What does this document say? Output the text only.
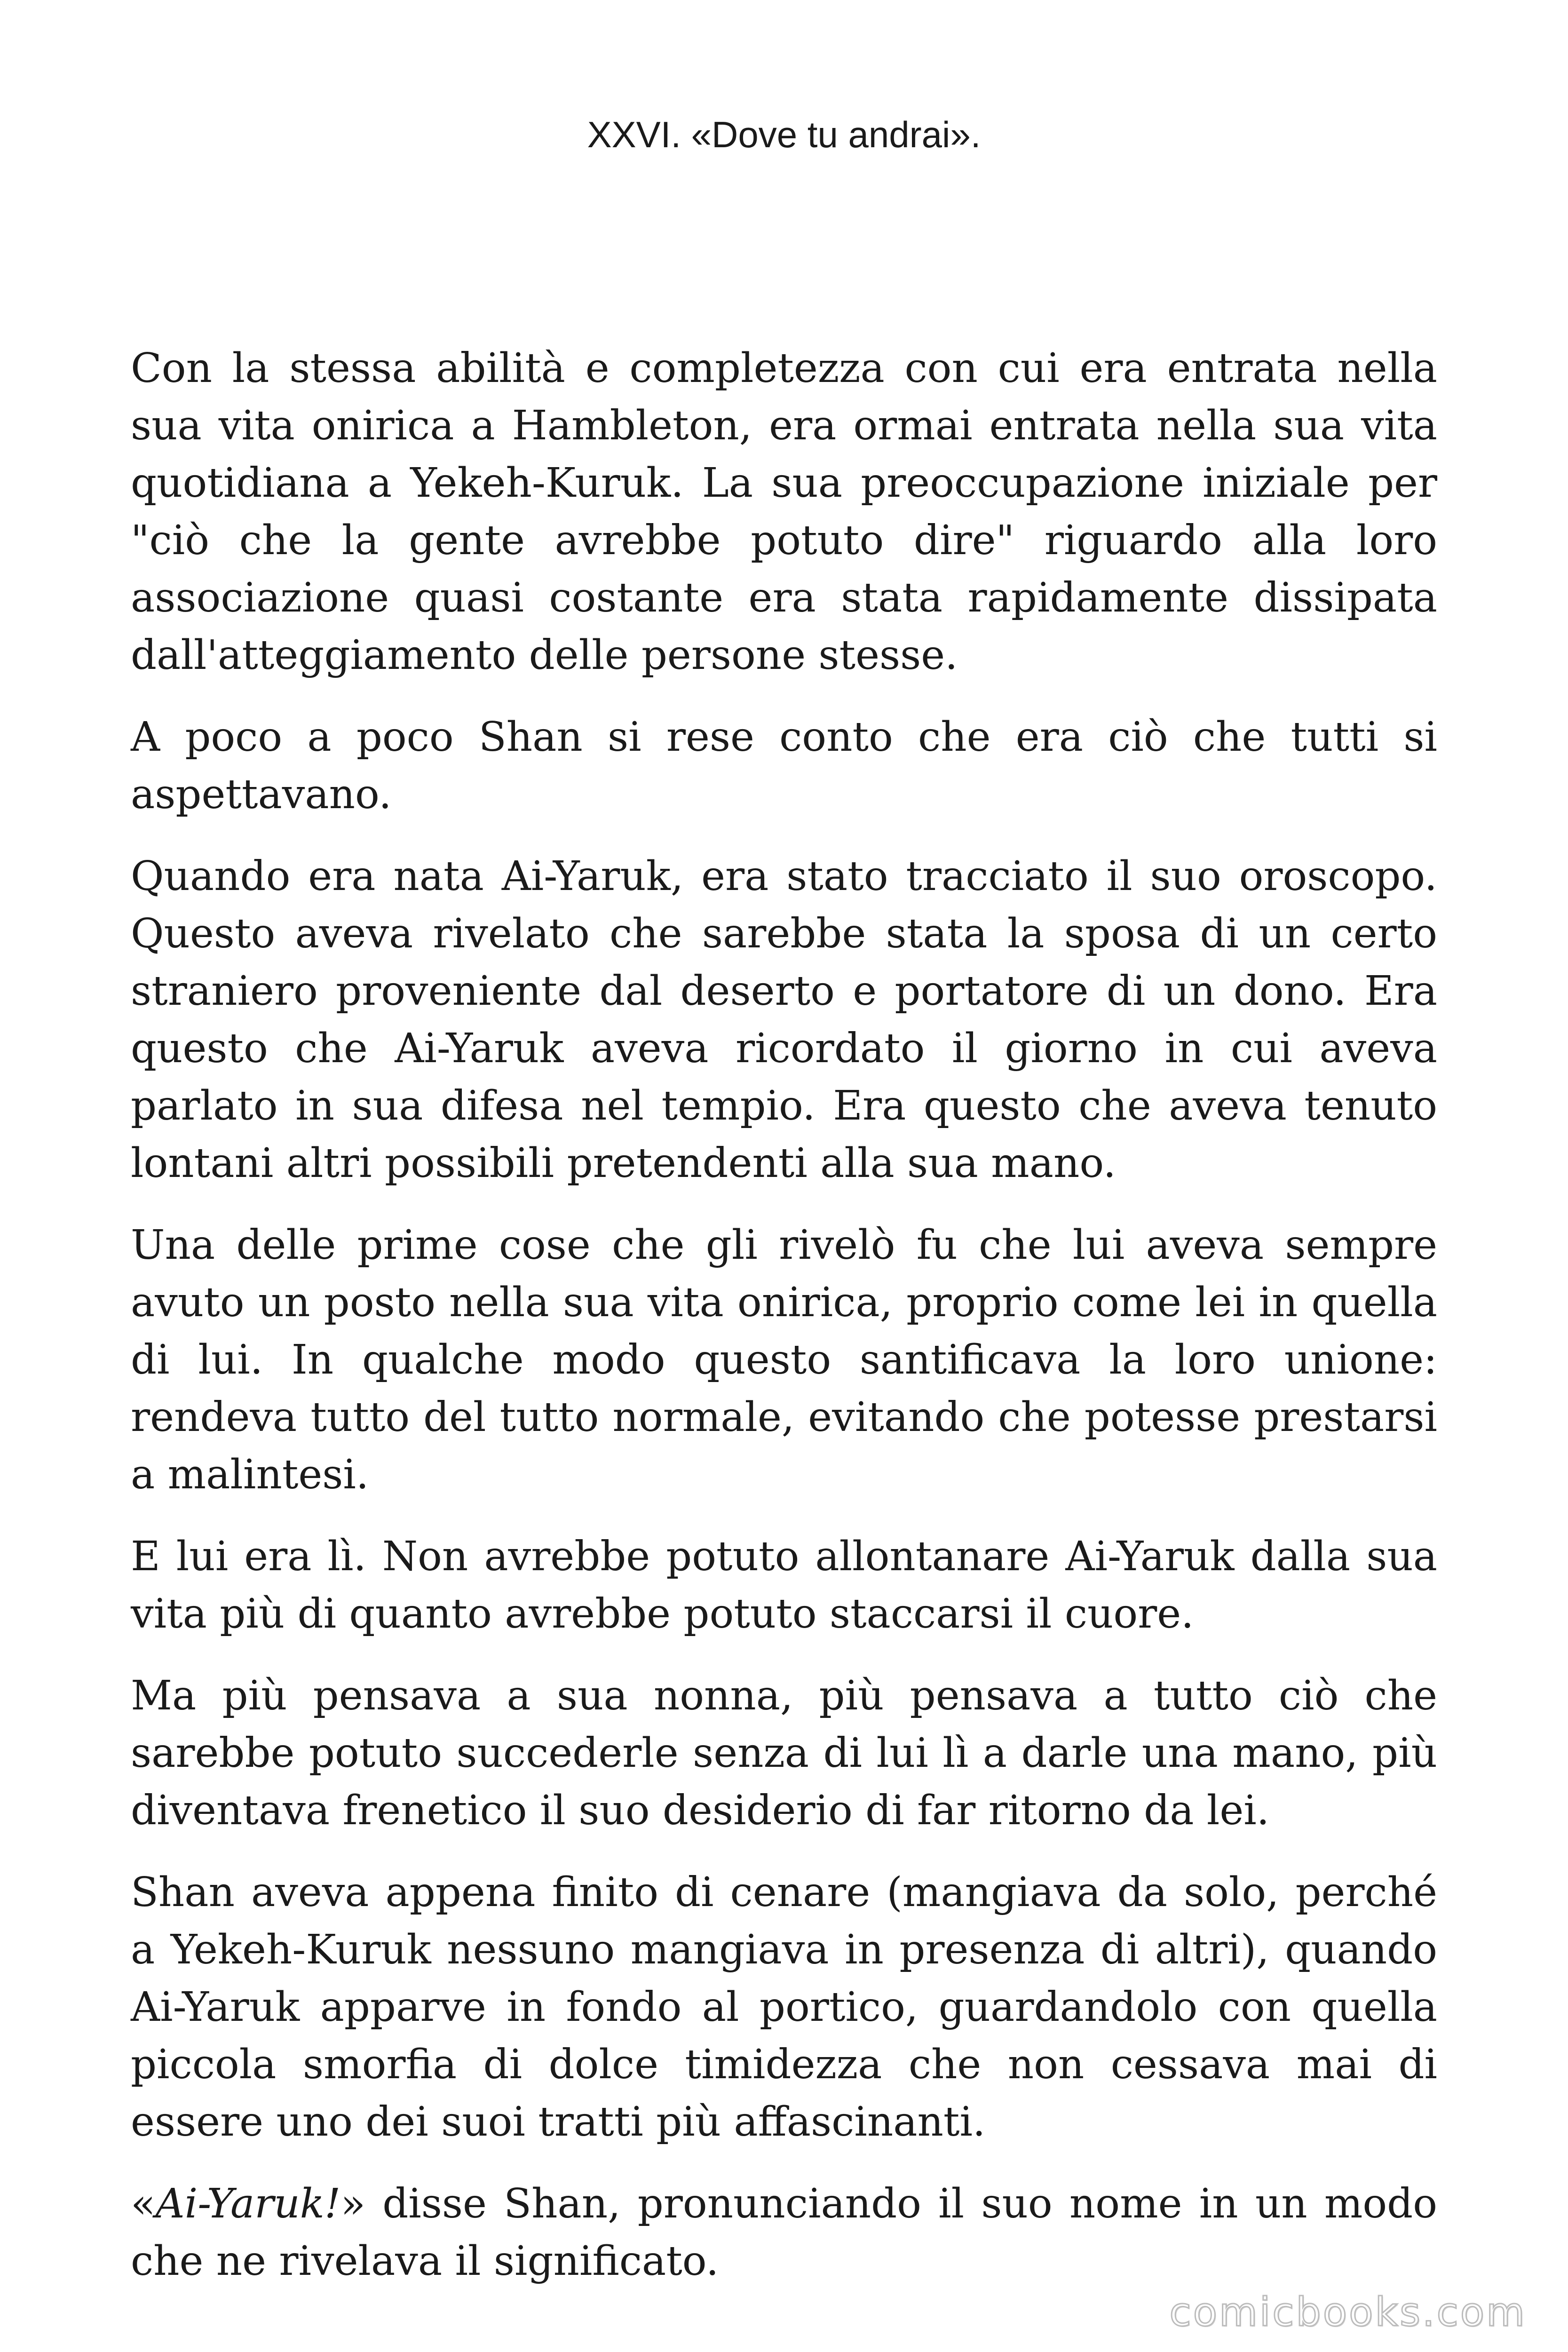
XXVI. «Dove tu andrai».

Con la stessa abilità e completezza con cui era entrata nella sua vita onirica a Hambleton, era ormai entrata nella sua vita quotidiana a Yekeh-Kuruk. La sua preoccupazione iniziale per "ciò che la gente avrebbe potuto dire" riguardo alla loro associazione quasi costante era stata rapidamente dissipata dall'atteggiamento delle persone stesse.

A poco a poco Shan si rese conto che era ciò che tutti si aspettavano.

Quando era nata Ai-Yaruk, era stato tracciato il suo oroscopo. Questo aveva rivelato che sarebbe stata la sposa di un certo straniero proveniente dal deserto e portatore di un dono. Era questo che Ai-Yaruk aveva ricordato il giorno in cui aveva parlato in sua difesa nel tempio. Era questo che aveva tenuto lontani altri possibili pretendenti alla sua mano.

Una delle prime cose che gli rivelò fu che lui aveva sempre avuto un posto nella sua vita onirica, proprio come lei in quella di lui. In qualche modo questo santificava la loro unione: rendeva tutto del tutto normale, evitando che potesse prestarsi a malintesi.

E lui era lì. Non avrebbe potuto allontanare Ai-Yaruk dalla sua vita più di quanto avrebbe potuto staccarsi il cuore.

Ma più pensava a sua nonna, più pensava a tutto ciò che sarebbe potuto succederle senza di lui lì a darle una mano, più diventava frenetico il suo desiderio di far ritorno da lei.

Shan aveva appena finito di cenare (mangiava da solo, perché a Yekeh-Kuruk nessuno mangiava in presenza di altri), quando Ai-Yaruk apparve in fondo al portico, guardandolo con quella piccola smorfia di dolce timidezza che non cessava mai di essere uno dei suoi tratti più affascinanti.

«Ai-Yaruk!» disse Shan, pronunciando il suo nome in un modo che ne rivelava il significato.

comicbooks.com
